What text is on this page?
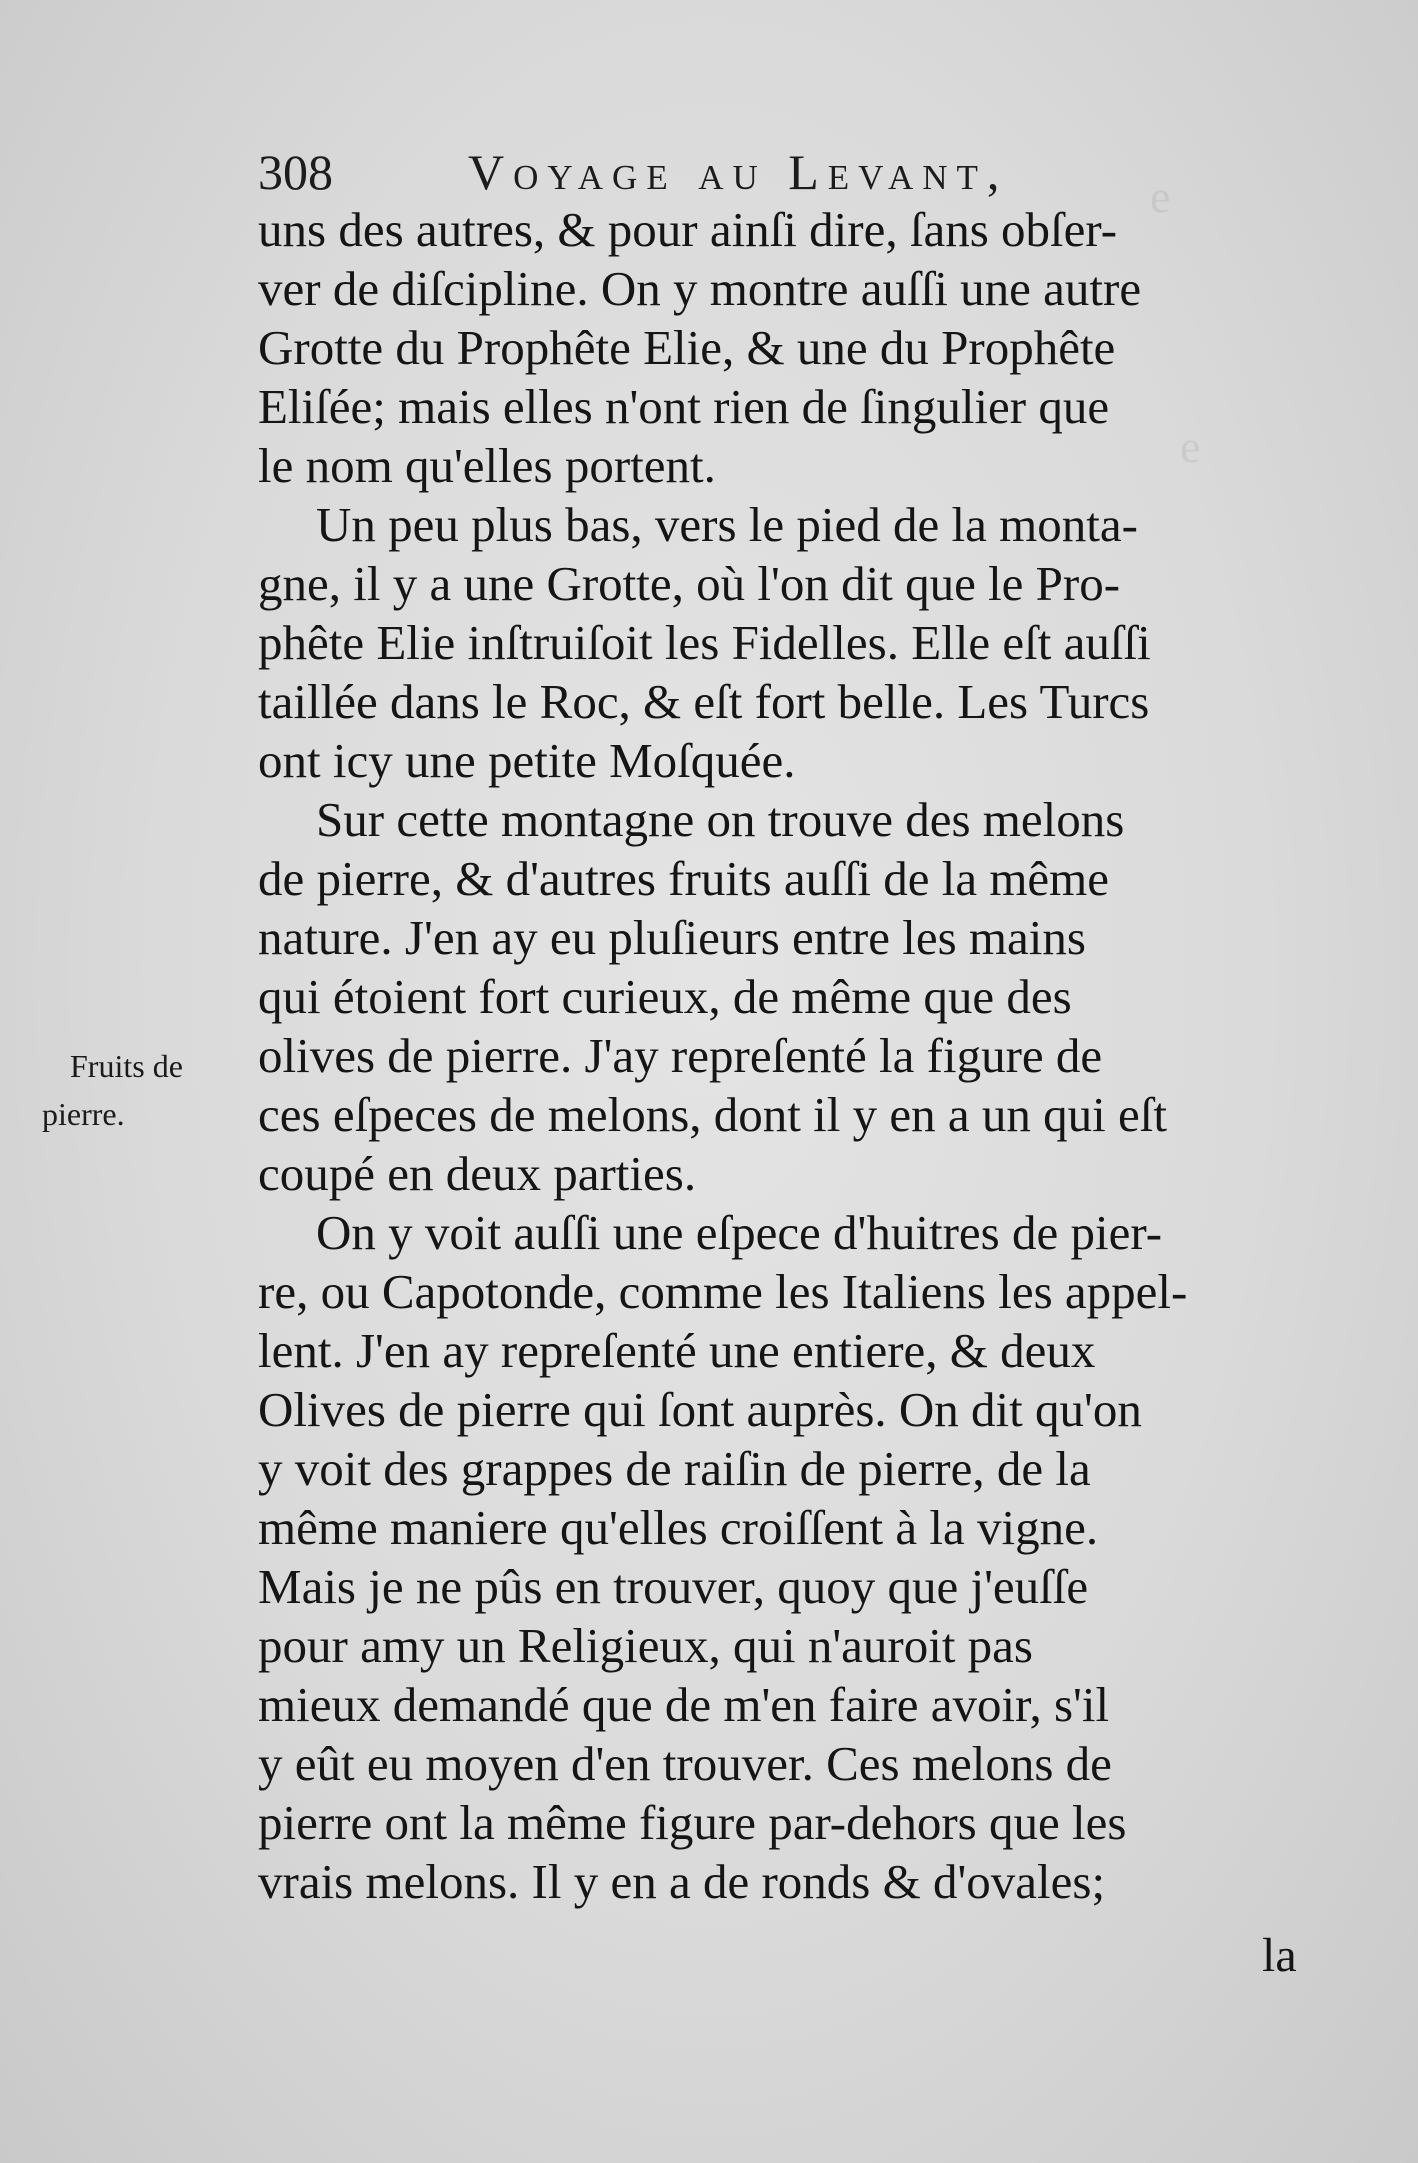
e
e
308	Voyage au Levant,
Fruits de
pierre.
uns des autres, & pour ainſi dire, ſans obſer-
ver de diſcipline. On y montre auſſi une autre
Grotte du Prophête Elie, & une du Prophête
Eliſée; mais elles n'ont rien de ſingulier que
le nom qu'elles portent.
Un peu plus bas, vers le pied de la monta-
gne, il y a une Grotte, où l'on dit que le Pro-
phête Elie inſtruiſoit les Fidelles. Elle eſt auſſi
taillée dans le Roc, & eſt fort belle. Les Turcs
ont icy une petite Moſquée.
Sur cette montagne on trouve des melons
de pierre, & d'autres fruits auſſi de la même
nature. J'en ay eu pluſieurs entre les mains
qui étoient fort curieux, de même que des
olives de pierre. J'ay repreſenté la figure de
ces eſpeces de melons, dont il y en a un qui eſt
coupé en deux parties.
On y voit auſſi une eſpece d'huitres de pier-
re, ou Capotonde, comme les Italiens les appel-
lent. J'en ay repreſenté une entiere, & deux
Olives de pierre qui ſont auprès. On dit qu'on
y voit des grappes de raiſin de pierre, de la
même maniere qu'elles croiſſent à la vigne.
Mais je ne pûs en trouver, quoy que j'euſſe
pour amy un Religieux, qui n'auroit pas
mieux demandé que de m'en faire avoir, s'il
y eût eu moyen d'en trouver. Ces melons de
pierre ont la même figure par-dehors que les
vrais melons. Il y en a de ronds & d'ovales;
la
